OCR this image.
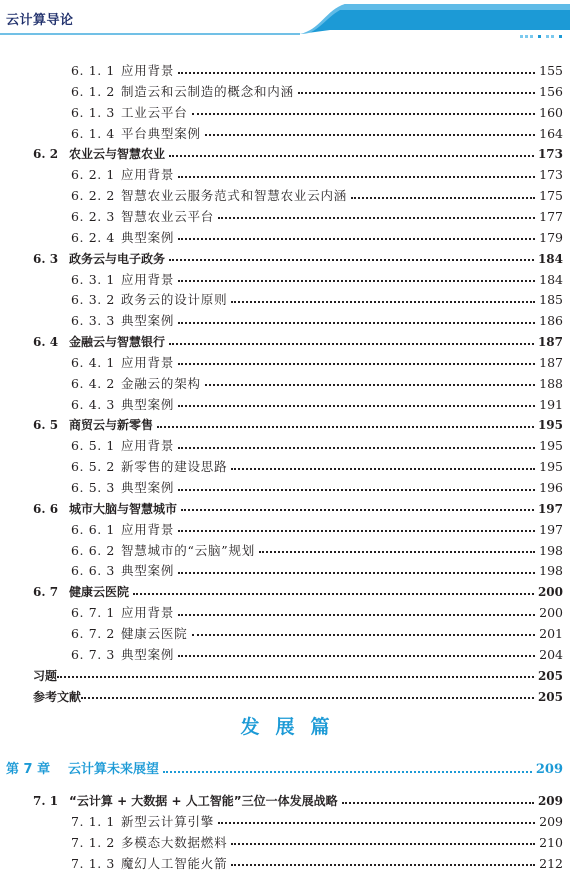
云计算导论
发展篇
6. 1. 1 应用背景	155
6. 1. 2 制造云和云制造的概念和内涵	156
6. 1. 3 工业云平台	160
6. 1. 4 平台典型案例	164
6. 2 农业云与智慧农业	173
6. 2. 1 应用背景	173
6. 2. 2 智慧农业云服务范式和智慧农业云内涵	175
6. 2. 3 智慧农业云平台	177
6. 2. 4 典型案例	179
6. 3 政务云与电子政务	184
6. 3. 1 应用背景	184
6. 3. 2 政务云的设计原则	185
6. 3. 3 典型案例	186
6. 4 金融云与智慧银行	187
6. 4. 1 应用背景	187
6. 4. 2 金融云的架构	188
6. 4. 3 典型案例	191
6. 5 商贸云与新零售	195
6. 5. 1 应用背景	195
6. 5. 2 新零售的建设思路	195
6. 5. 3 典型案例	196
6. 6 城市大脑与智慧城市	197
6. 6. 1 应用背景	197
6. 6. 2 智慧城市的“云脑”规划	198
6. 6. 3 典型案例	198
6. 7 健康云医院	200
6. 7. 1 应用背景	200
6. 7. 2 健康云医院	201
6. 7. 3 典型案例	204
习题	205
参考文献	205
第 7 章	云计算未来展望	209
7. 1 “云计算 + 大数据 + 人工智能”三位一体发展战略	209
7. 1. 1 新型云计算引擎	209
7. 1. 2 多模态大数据燃料	210
7. 1. 3 魔幻人工智能火箭	212
